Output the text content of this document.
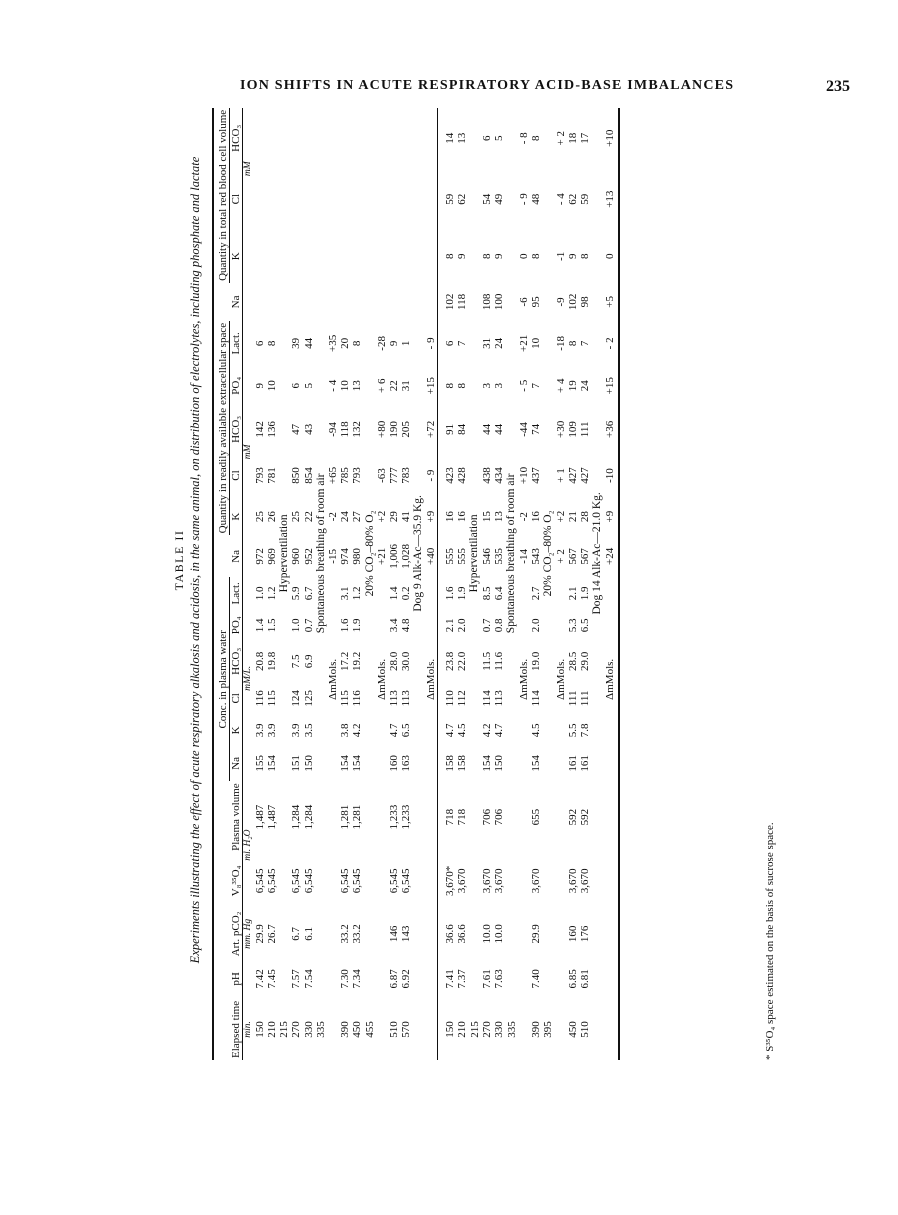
ION SHIFTS IN ACUTE RESPIRATORY ACID-BASE IMBALANCES	235
TABLE II Experiments illustrating the effect of acute respiratory alkalosis and acidosis, in the same animal, on distribution of electrolytes, including phosphate and lactate

					Conc. in plasma water							Quantity in readily available extracellular space						Quantity in total red blood cell volume			
Elapsed time	pH	Art. pCO₂	V₈³⁵O₄	Plasma volume	Na	K	Cl	HCO₃	PO₄	Lact.	Na	K	Cl	HCO₃	PO₄	Lact.	Na	K	Cl	HCO₃	
min.		mm. Hg	ml. H₂O				mM/L.						mM						mM		
150	7.42	29.9	6,545	1,487	155	3.9	116	20.8	1.4	1.0	972	25	793	142	9	6					
210	7.45	26.7	6,545	1,487	154	3.9	115	19.8	1.5	1.2	969	26	781	136	10	8					
215	Hyperventilation																				
270	7.57	6.7	6,545	1,284	151	3.9	124	7.5	1.0	5.9	960	25	850	47	6	39					
330	7.54	6.1	6,545	1,284	150	3.5	125	6.9	0.7	6.7	952	22	854	43	5	44					
335	Spontaneous breathing of room air																				
					ΔmMols.						-15	-2	+65	-94	- 4	+35					
390	7.30	33.2	6,545	1,281	154	3.8	115	17.2	1.6	3.1	974	24	785	118	10	20					
450	7.34	33.2	6,545	1,281	154	4.2	116	19.2	1.9	1.2	980	27	793	132	13	8					
455	20% CO₂–80% O₂																				
					ΔmMols.						+21	+2	-63	+80	+ 6	-28					
510	6.87	146	6,545	1,233	160	4.7	113	28.0	3.4	1.4	1,006	29	777	190	22	9					
570	6.92	143	6,545	1,233	163	6.5	113	30.0	4.8	0.2	1,028	41	783	205	31	1					
	Dog 9 Alk-Ac—35.9 Kg.																				
					ΔmMols.						+40	+9	- 9	+72	+15	- 9					

150	7.41	36.6	3,670*	718	158	4.7	110	23.8	2.1	1.6	555	16	423	91	8	6	102	8	59	14	
210	7.37	36.6	3,670	718	158	4.5	112	22.0	2.0	1.9	555	16	428	84	8	7	118	9	62	13	
215	Hyperventilation																				
270	7.61	10.0	3,670	706	154	4.2	114	11.5	0.7	8.5	546	15	438	44	3	31	108	8	54	6	
330	7.63	10.0	3,670	706	150	4.7	113	11.6	0.8	6.4	535	13	434	44	3	24	100	9	49	5	
335	Spontaneous breathing of room air																				
					ΔmMols.						-14	-2	+10	-44	- 5	+21	-6	0	- 9	- 8	
390	7.40	29.9	3,670	655	154	4.5	114	19.0	2.0	2.7	543	16	437	74	7	10	95	8	48	8	
395	20% CO₂–80% O₂																				
					ΔmMols.						+ 2	+2	+ 1	+30	+ 4	-18	-9	-1	- 4	+ 2	
450	6.85	160	3,670	592	161	5.5	111	28.5	5.3	2.1	567	21	427	109	19	8	102	9	62	18	
510	6.81	176	3,670	592	161	7.8	111	29.0	6.5	1.9	567	28	427	111	24	7	98	8	59	17	
	Dog 14 Alk-Ac—21.0 Kg.																				
					ΔmMols.						+24	+9	-10	+36	+15	- 2	+5	0	+13	+10	

* S³⁵O₄ space estimated on the basis of sucrose space.
